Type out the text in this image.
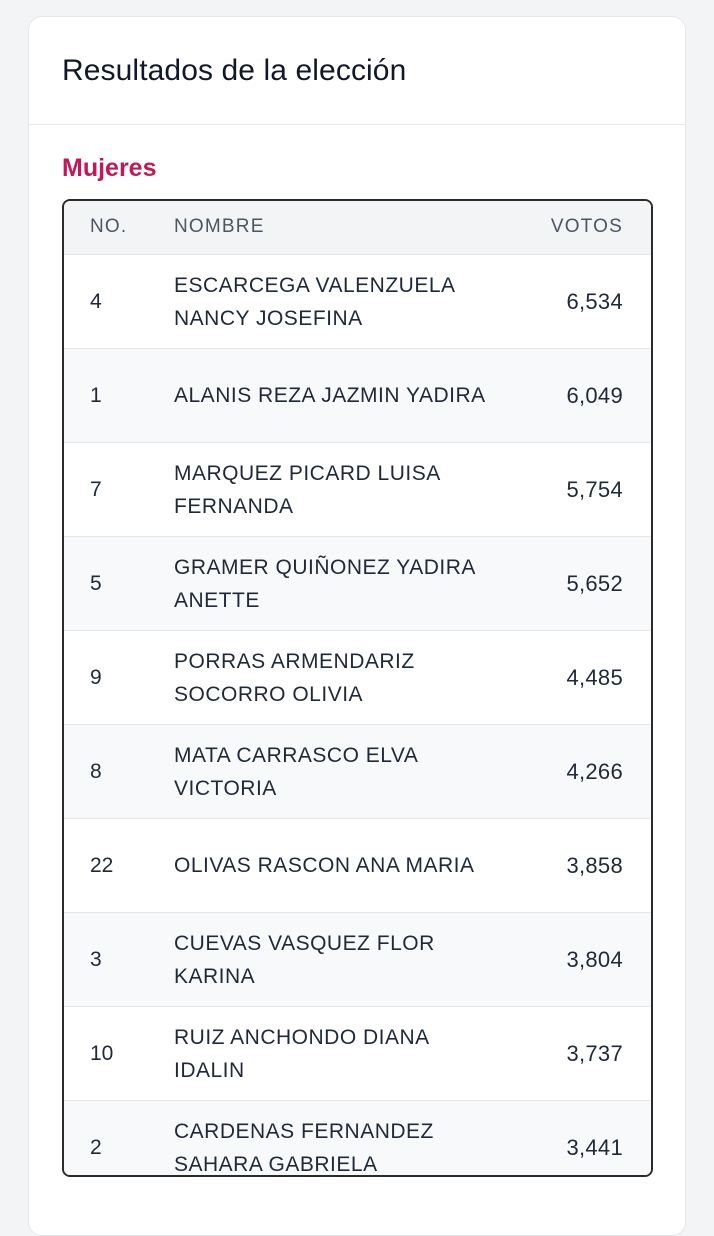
Resultados de la elección
Mujeres
NO.	NOMBRE	VOTOS
4	ESCARCEGA VALENZUELA NANCY JOSEFINA	6,534
1	ALANIS REZA JAZMIN YADIRA	6,049
7	MARQUEZ PICARD LUISA FERNANDA	5,754
5	GRAMER QUIÑONEZ YADIRA ANETTE	5,652
9	PORRAS ARMENDARIZ SOCORRO OLIVIA	4,485
8	MATA CARRASCO ELVA VICTORIA	4,266
22	OLIVAS RASCON ANA MARIA	3,858
3	CUEVAS VASQUEZ FLOR KARINA	3,804
10	RUIZ ANCHONDO DIANA IDALIN	3,737
2	CARDENAS FERNANDEZ SAHARA GABRIELA	3,441
